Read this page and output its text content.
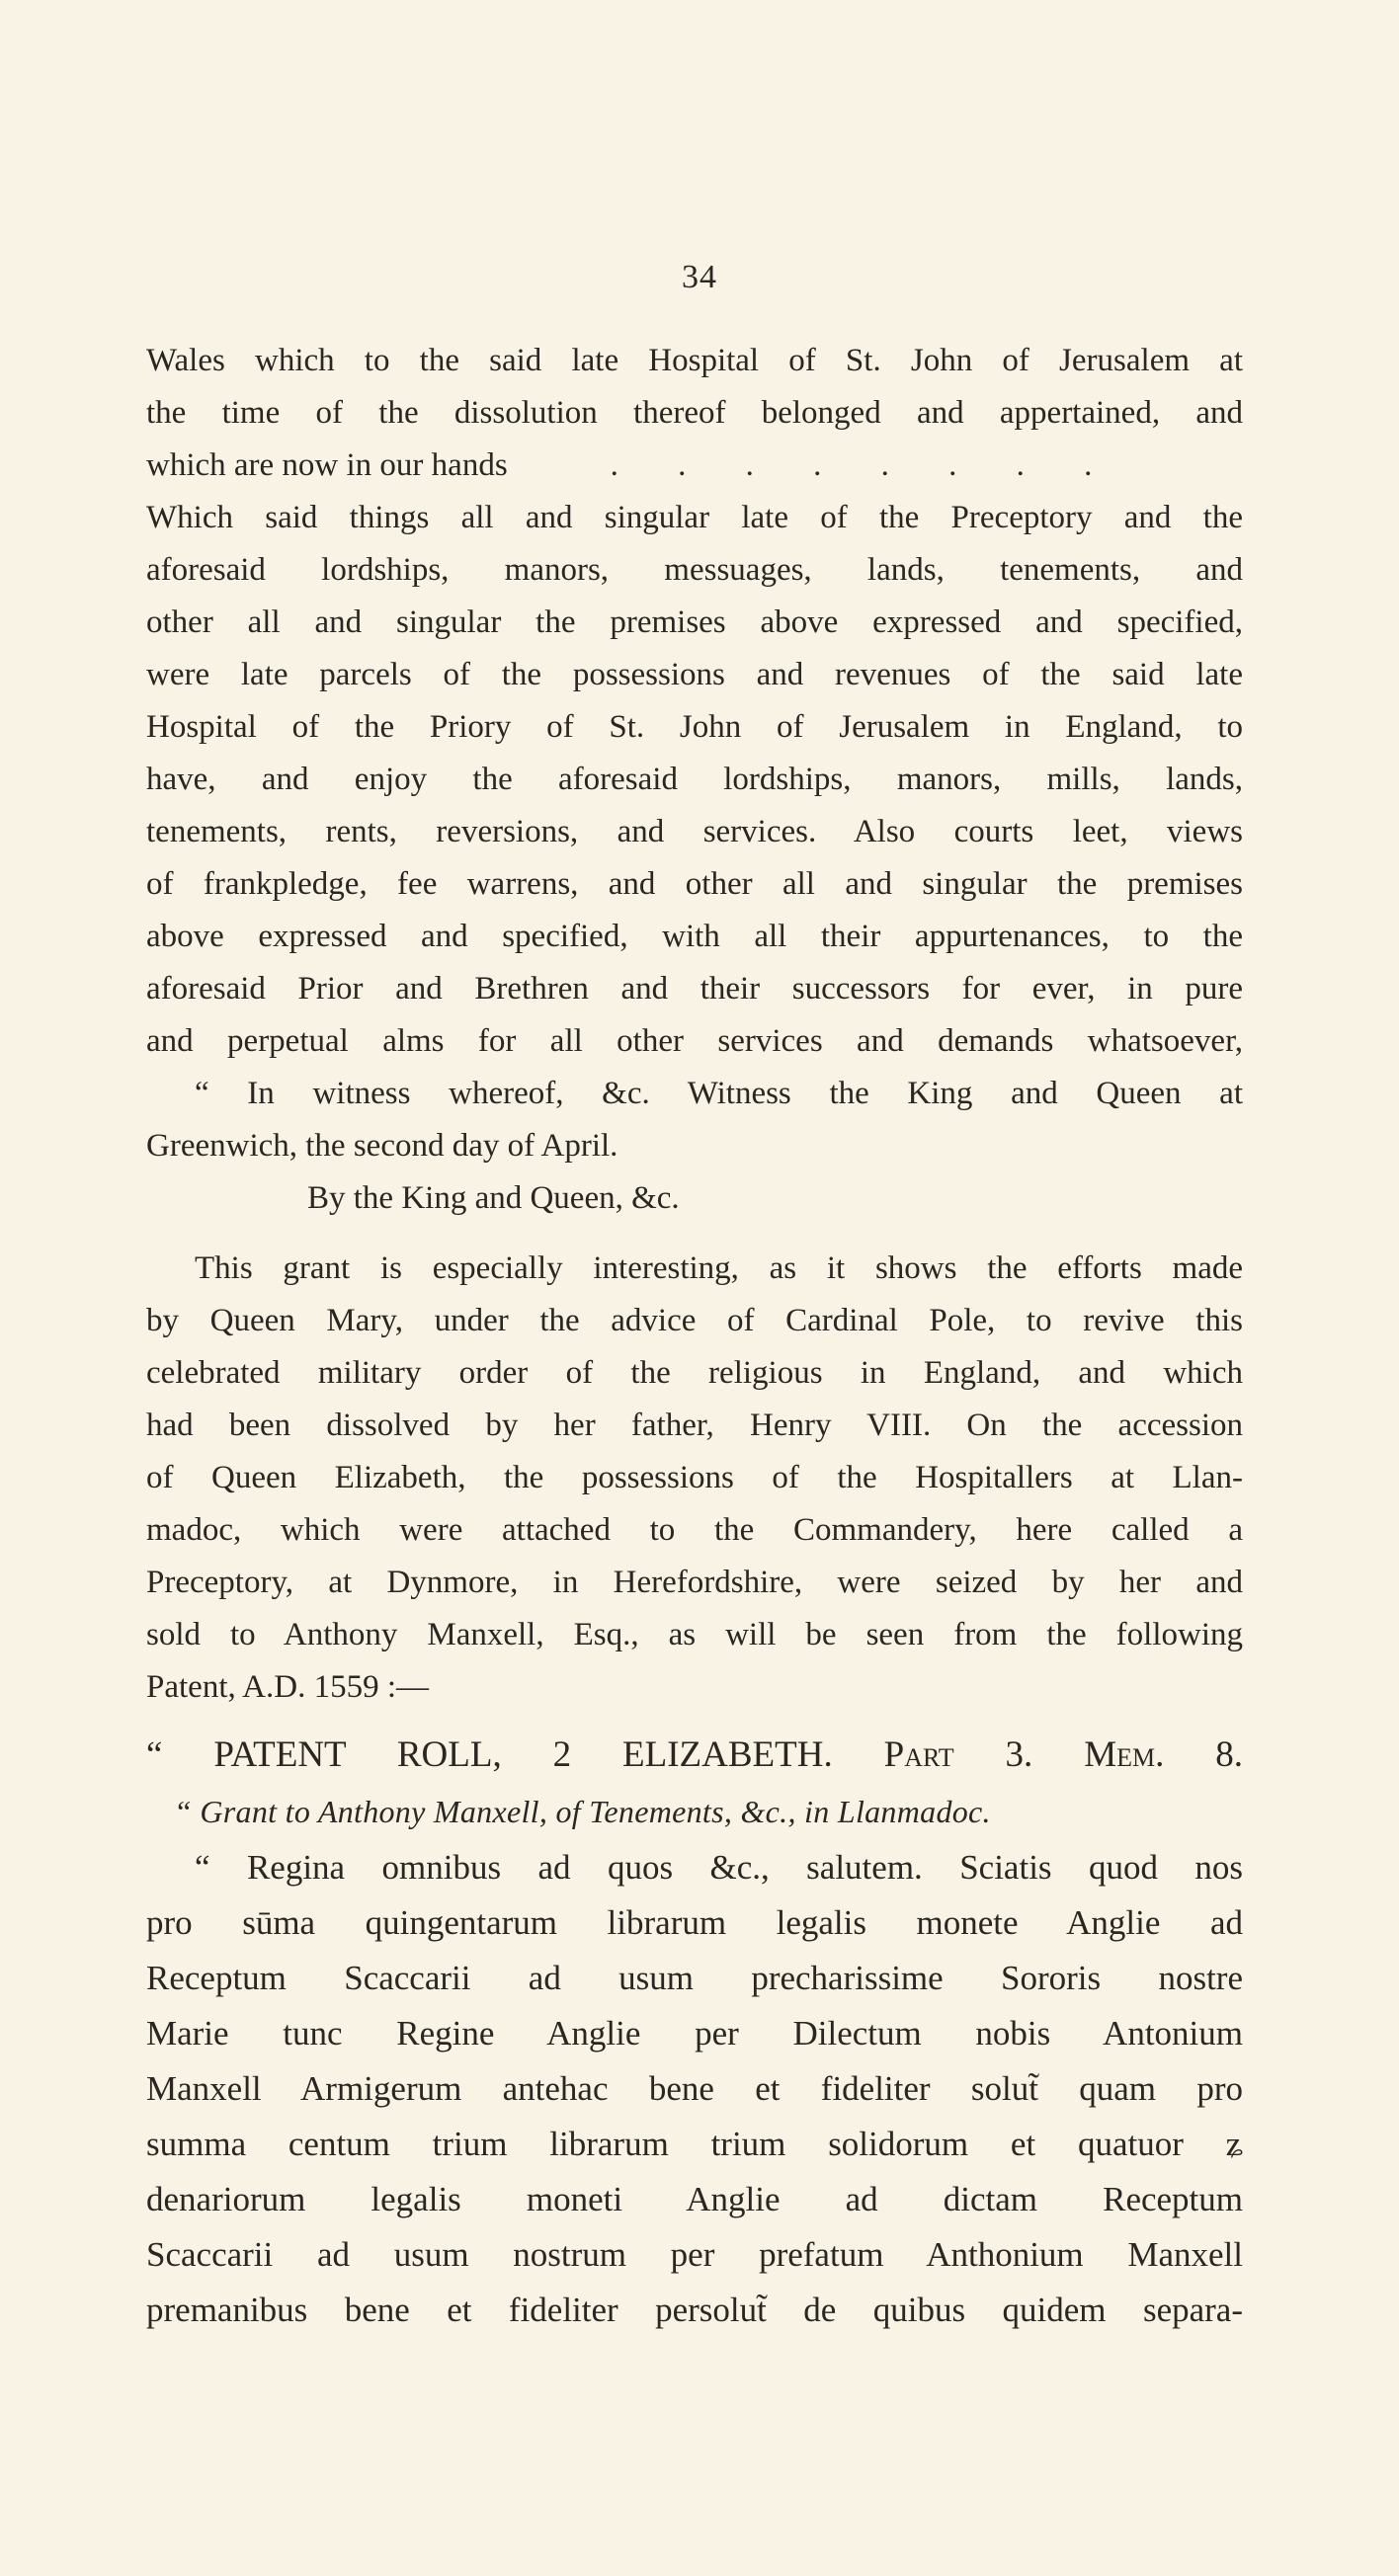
34
Wales which to the said late Hospital of St. John of Jerusalem at
the time of the dissolution thereof belonged and appertained, and
which are now in our hands	. . . . . . . .
Which said things all and singular late of the Preceptory and the
aforesaid lordships, manors, messuages, lands, tenements, and
other all and singular the premises above expressed and specified,
were late parcels of the possessions and revenues of the said late
Hospital of the Priory of St. John of Jerusalem in England, to
have, and enjoy the aforesaid lordships, manors, mills, lands,
tenements, rents, reversions, and services. Also courts leet, views
of frankpledge, fee warrens, and other all and singular the premises
above expressed and specified, with all their appurtenances, to the
aforesaid Prior and Brethren and their successors for ever, in pure
and perpetual alms for all other services and demands whatsoever,
“ In witness whereof, &c. Witness the King and Queen at
Greenwich, the second day of April.
By the King and Queen, &c.
This grant is especially interesting, as it shows the efforts made
by Queen Mary, under the advice of Cardinal Pole, to revive this
celebrated military order of the religious in England, and which
had been dissolved by her father, Henry VIII. On the accession
of Queen Elizabeth, the possessions of the Hospitallers at Llan-
madoc, which were attached to the Commandery, here called a
Preceptory, at Dynmore, in Herefordshire, were seized by her and
sold to Anthony Manxell, Esq., as will be seen from the following
Patent, A.D. 1559 :—
“ PATENT ROLL, 2 ELIZABETH. Part 3. Mem. 8.
“ Grant to Anthony Manxell, of Tenements, &c., in Llanmadoc.
“ Regina omnibus ad quos &c., salutem. Sciatis quod nos
pro sūma quingentarum librarum legalis monete Anglie ad
Receptum Scaccarii ad usum precharissime Sororis nostre
Marie tunc Regine Anglie per Dilectum nobis Antonium
Manxell Armigerum antehac bene et fideliter solut̃ quam pro
summa centum trium librarum trium solidorum et quatuor ʑ
denariorum legalis moneti Anglie ad dictam Receptum
Scaccarii ad usum nostrum per prefatum Anthonium Manxell
premanibus bene et fideliter persolut̃ de quibus quidem separa-
